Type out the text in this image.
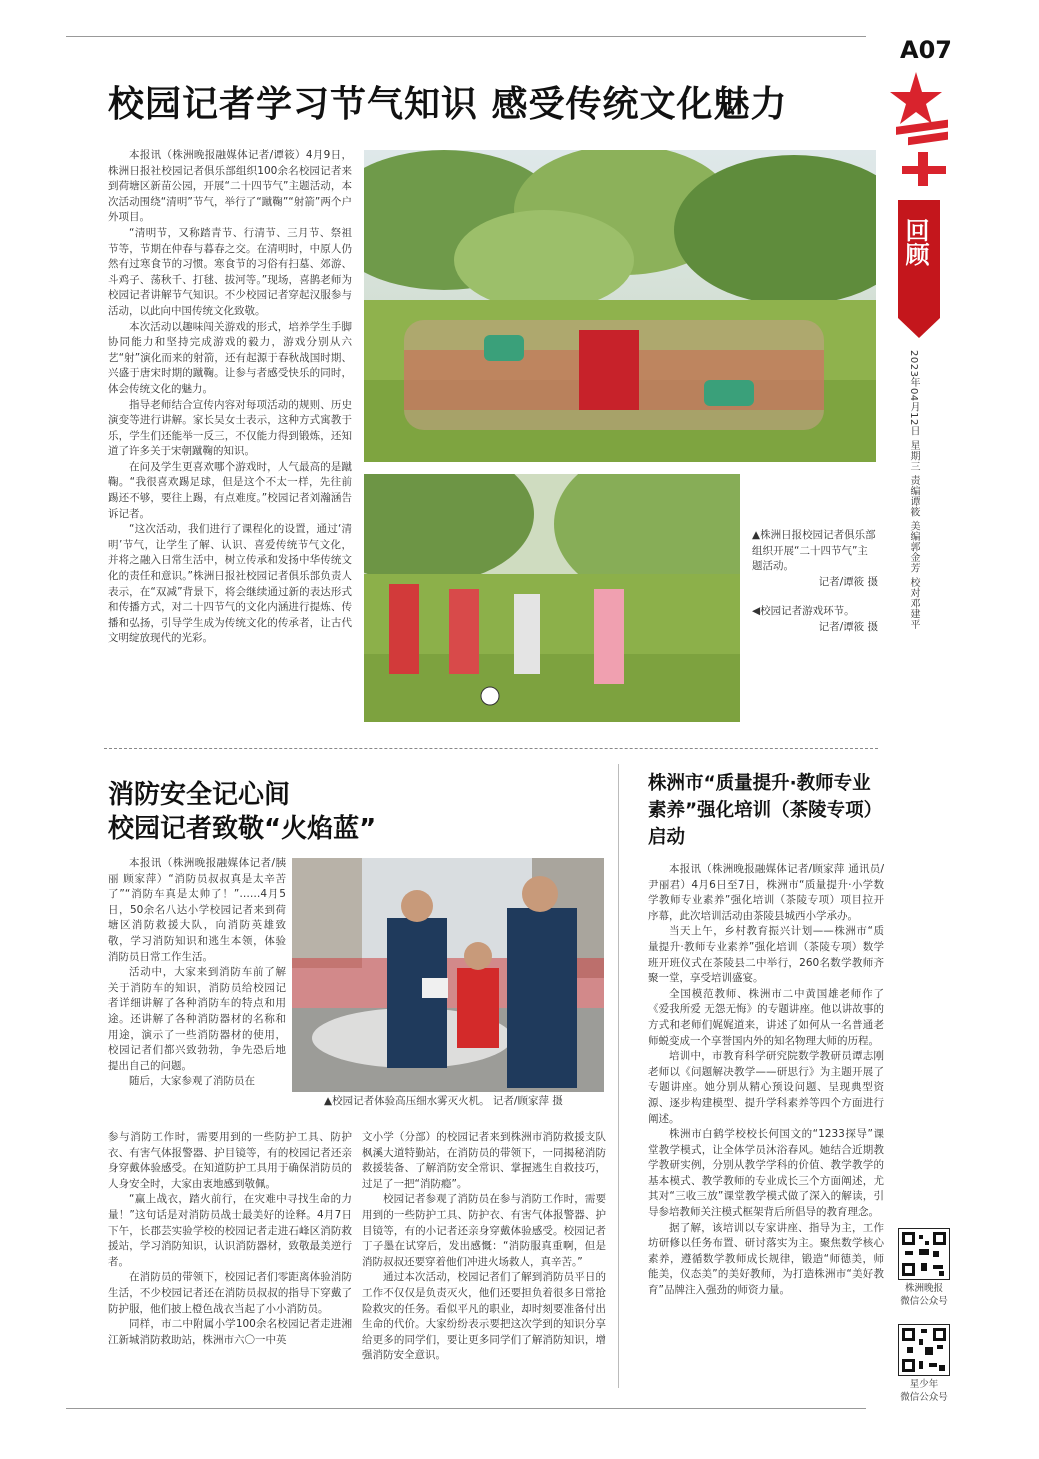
A07
回顾
2023年04月12日 星期三 责编谭筱 美编郭金芳 校对邓建平
校园记者学习节气知识 感受传统文化魅力

本报讯（株洲晚报融媒体记者/谭筱）4月9日，株洲日报社校园记者俱乐部组织100余名校园记者来到荷塘区新苗公园，开展“二十四节气”主题活动，本次活动围绕“清明”节气，举行了“蹴鞠”“射箭”两个户外项目。

“清明节，又称踏青节、行清节、三月节、祭祖节等，节期在仲春与暮春之交。在清明时，中原人仍然有过寒食节的习惯。寒食节的习俗有扫墓、郊游、斗鸡子、荡秋千、打毬、拔河等。”现场，喜鹊老师为校园记者讲解节气知识。不少校园记者穿起汉服参与活动，以此向中国传统文化致敬。

本次活动以趣味闯关游戏的形式，培养学生手脚协同能力和坚持完成游戏的毅力，游戏分别从六艺“射”演化而来的射箭，还有起源于春秋战国时期、兴盛于唐宋时期的蹴鞠。让参与者感受快乐的同时，体会传统文化的魅力。

指导老师结合宣传内容对每项活动的规则、历史演变等进行讲解。家长吴女士表示，这种方式寓教于乐，学生们还能举一反三，不仅能力得到锻炼，还知道了许多关于宋朝蹴鞠的知识。

在问及学生更喜欢哪个游戏时，人气最高的是蹴鞠。“我很喜欢踢足球，但是这个不太一样，先往前踢还不够，要往上踢，有点难度。”校园记者刘瀚涵告诉记者。

“这次活动，我们进行了课程化的设置，通过‘清明’节气，让学生了解、认识、喜爱传统节气文化，并将之融入日常生活中，树立传承和发扬中华传统文化的责任和意识。”株洲日报社校园记者俱乐部负责人表示，在“双减”背景下，将会继续通过新的表达形式和传播方式，对二十四节气的文化内涵进行提炼、传播和弘扬，引导学生成为传统文化的传承者，让古代文明绽放现代的光彩。

▲株洲日报校园记者俱乐部组织开展“二十四节气”主题活动。
记者/谭筱 摄
◀校园记者游戏环节。
记者/谭筱 摄
消防安全记心间
校园记者致敬“火焰蓝”

本报讯（株洲晚报融媒体记者/胰丽 顾家萍）“消防员叔叔真是太辛苦了”“消防车真是太帅了！”……4月5日，50余名八达小学校园记者来到荷塘区消防救援大队，向消防英雄致敬，学习消防知识和逃生本领，体验消防员日常工作生活。

活动中，大家来到消防车前了解关于消防车的知识，消防员给校园记者详细讲解了各种消防车的特点和用途。还讲解了各种消防器材的名称和用途，演示了一些消防器材的使用，校园记者们都兴致勃勃，争先恐后地提出自己的问题。

随后，大家参观了消防员在

▲校园记者体验高压细水雾灭火机。 记者/顾家萍 摄

参与消防工作时，需要用到的一些防护工具、防护衣、有害气体报警器、护目镜等，有的校园记者还亲身穿戴体验感受。在知道防护工具用于确保消防员的人身安全时，大家由衷地感到敬佩。

“赢上战衣，踏火前行，在灾难中寻找生命的力量！”这句话是对消防员战士最美好的诠释。4月7日下午，长郡芸实验学校的校园记者走进石峰区消防救援站，学习消防知识，认识消防器材，致敬最美逆行者。

在消防员的带领下，校园记者们零距离体验消防生活，不少校园记者还在消防员叔叔的指导下穿戴了防护服，他们披上橙色战衣当起了小小消防员。

同样，市二中附属小学100余名校园记者走进湘江新城消防救助站，株洲市六〇一中英

文小学（分部）的校园记者来到株洲市消防救援支队枫溪大道特勤站，在消防员的带领下，一同揭秘消防救援装备、了解消防安全常识、掌握逃生自救技巧，过足了一把“消防瘾”。

校园记者参观了消防员在参与消防工作时，需要用到的一些防护工具、防护衣、有害气体报警器、护目镜等，有的小记者还亲身穿戴体验感受。校园记者丁子墨在试穿后，发出感慨：“消防服真重啊，但是消防叔叔还要穿着他们冲进火场救人，真辛苦。”

通过本次活动，校园记者们了解到消防员平日的工作不仅仅是负责灭火，他们还要担负着很多日常抢险救灾的任务。看似平凡的职业，却时刻要准备付出生命的代价。大家纷纷表示要把这次学到的知识分享给更多的同学们，要让更多同学们了解消防知识，增强消防安全意识。

株洲市“质量提升·教师专业素养”强化培训（茶陵专项）启动

本报讯（株洲晚报融媒体记者/顾家萍 通讯员/尹丽君）4月6日至7日，株洲市“质量提升·小学数学教师专业素养”强化培训（茶陵专项）项目拉开序幕，此次培训活动由茶陵县城西小学承办。

当天上午，乡村教育振兴计划——株洲市“质量提升·教师专业素养”强化培训（茶陵专项）数学班开班仪式在茶陵县二中举行，260名数学教师齐聚一堂，享受培训盛宴。

全国模范教师、株洲市二中黄国雄老师作了《爱我所爱 无怨无悔》的专题讲座。他以讲故事的方式和老师们娓娓道来，讲述了如何从一名普通老师蜕变成一个享誉国内外的知名物理大师的历程。

培训中，市教育科学研究院数学教研员谭志刚老师以《问题解决教学——研思行》为主题开展了专题讲座。她分别从精心预设问题、呈现典型资源、逐步构建模型、提升学科素养等四个方面进行阐述。

株洲市白鹤学校校长何国文的“1233探导”课堂教学模式，让全体学员沐浴春风。她结合近期教学教研实例，分别从教学学科的价值、教学教学的基本模式、教学教师的专业成长三个方面阐述，尤其对“三收三放”课堂教学模式做了深入的解读，引导参培教师关注模式框架背后所倡导的教育理念。

据了解，该培训以专家讲座、指导为主，工作坊研修以任务布置、研讨落实为主。聚焦数学核心素养，遵循数学教师成长规律，锻造“师德美，师能美，仪态美”的美好教师，为打造株洲市“美好教育”品牌注入强劲的师资力量。	株洲晚报
微信公众号
星少年
微信公众号
